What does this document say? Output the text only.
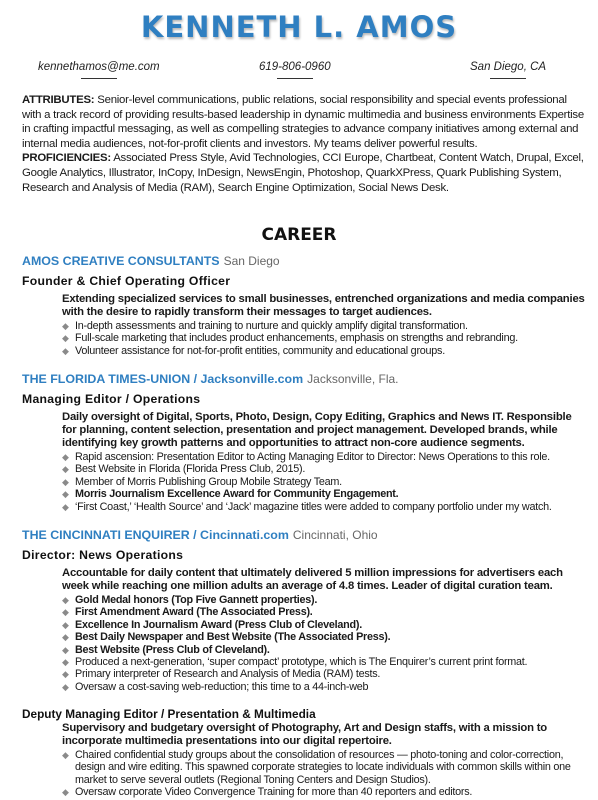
KENNETH L. AMOS
kennethamos@me.com	619-806-0960	San Diego, CA

ATTRIBUTES: Senior-level communications, public relations, social responsibility and special events professional with a track record of providing results-based leadership in dynamic multimedia and business environments Expertise in crafting impactful messaging, as well as compelling strategies to advance company initiatives among external and internal media audiences, not-for-profit clients and investors. My teams deliver powerful results.

PROFICIENCIES: Associated Press Style, Avid Technologies, CCI Europe, Chartbeat, Content Watch, Drupal, Excel, Google Analytics, Illustrator, InCopy, InDesign, NewsEngin, Photoshop, QuarkXPress, Quark Publishing System, Research and Analysis of Media (RAM), Search Engine Optimization, Social News Desk.

CAREER
AMOS CREATIVE CONSULTANTS San Diego
Founder & Chief Operating Officer
Extending specialized services to small businesses, entrenched organizations and media companies with the desire to rapidly transform their messages to target audiences.
◆ In-depth assessments and training to nurture and quickly amplify digital transformation.
◆ Full-scale marketing that includes product enhancements, emphasis on strengths and rebranding.
◆ Volunteer assistance for not-for-profit entities, community and educational groups.
THE FLORIDA TIMES-UNION / Jacksonville.com Jacksonville, Fla.
Managing Editor / Operations
Daily oversight of Digital, Sports, Photo, Design, Copy Editing, Graphics and News IT. Responsible for planning, content selection, presentation and project management. Developed brands, while identifying key growth patterns and opportunities to attract non-core audience segments.
◆ Rapid ascension: Presentation Editor to Acting Managing Editor to Director: News Operations to this role.
◆ Best Website in Florida (Florida Press Club, 2015).
◆ Member of Morris Publishing Group Mobile Strategy Team.
◆ Morris Journalism Excellence Award for Community Engagement.
◆ ‘First Coast,’ ‘Health Source’ and ‘Jack’ magazine titles were added to company portfolio under my watch.
THE CINCINNATI ENQUIRER / Cincinnati.com Cincinnati, Ohio
Director: News Operations
Accountable for daily content that ultimately delivered 5 million impressions for advertisers each week while reaching one million adults an average of 4.8 times. Leader of digital curation team.
◆ Gold Medal honors (Top Five Gannett properties).
◆ First Amendment Award (The Associated Press).
◆ Excellence In Journalism Award (Press Club of Cleveland).
◆ Best Daily Newspaper and Best Website (The Associated Press).
◆ Best Website (Press Club of Cleveland).
◆ Produced a next-generation, ‘super compact’ prototype, which is The Enquirer’s current print format.
◆ Primary interpreter of Research and Analysis of Media (RAM) tests.
◆ Oversaw a cost-saving web-reduction; this time to a 44-inch-web
Deputy Managing Editor / Presentation & Multimedia
Supervisory and budgetary oversight of Photography, Art and Design staffs, with a mission to incorporate multimedia presentations into our digital repertoire.
◆ Chaired confidential study groups about the consolidation of resources — photo-toning and color-correction, design and wire editing. This spawned corporate strategies to locate individuals with common skills within one market to serve several outlets (Regional Toning Centers and Design Studios).
◆ Oversaw corporate Video Convergence Training for more than 40 reporters and editors.
